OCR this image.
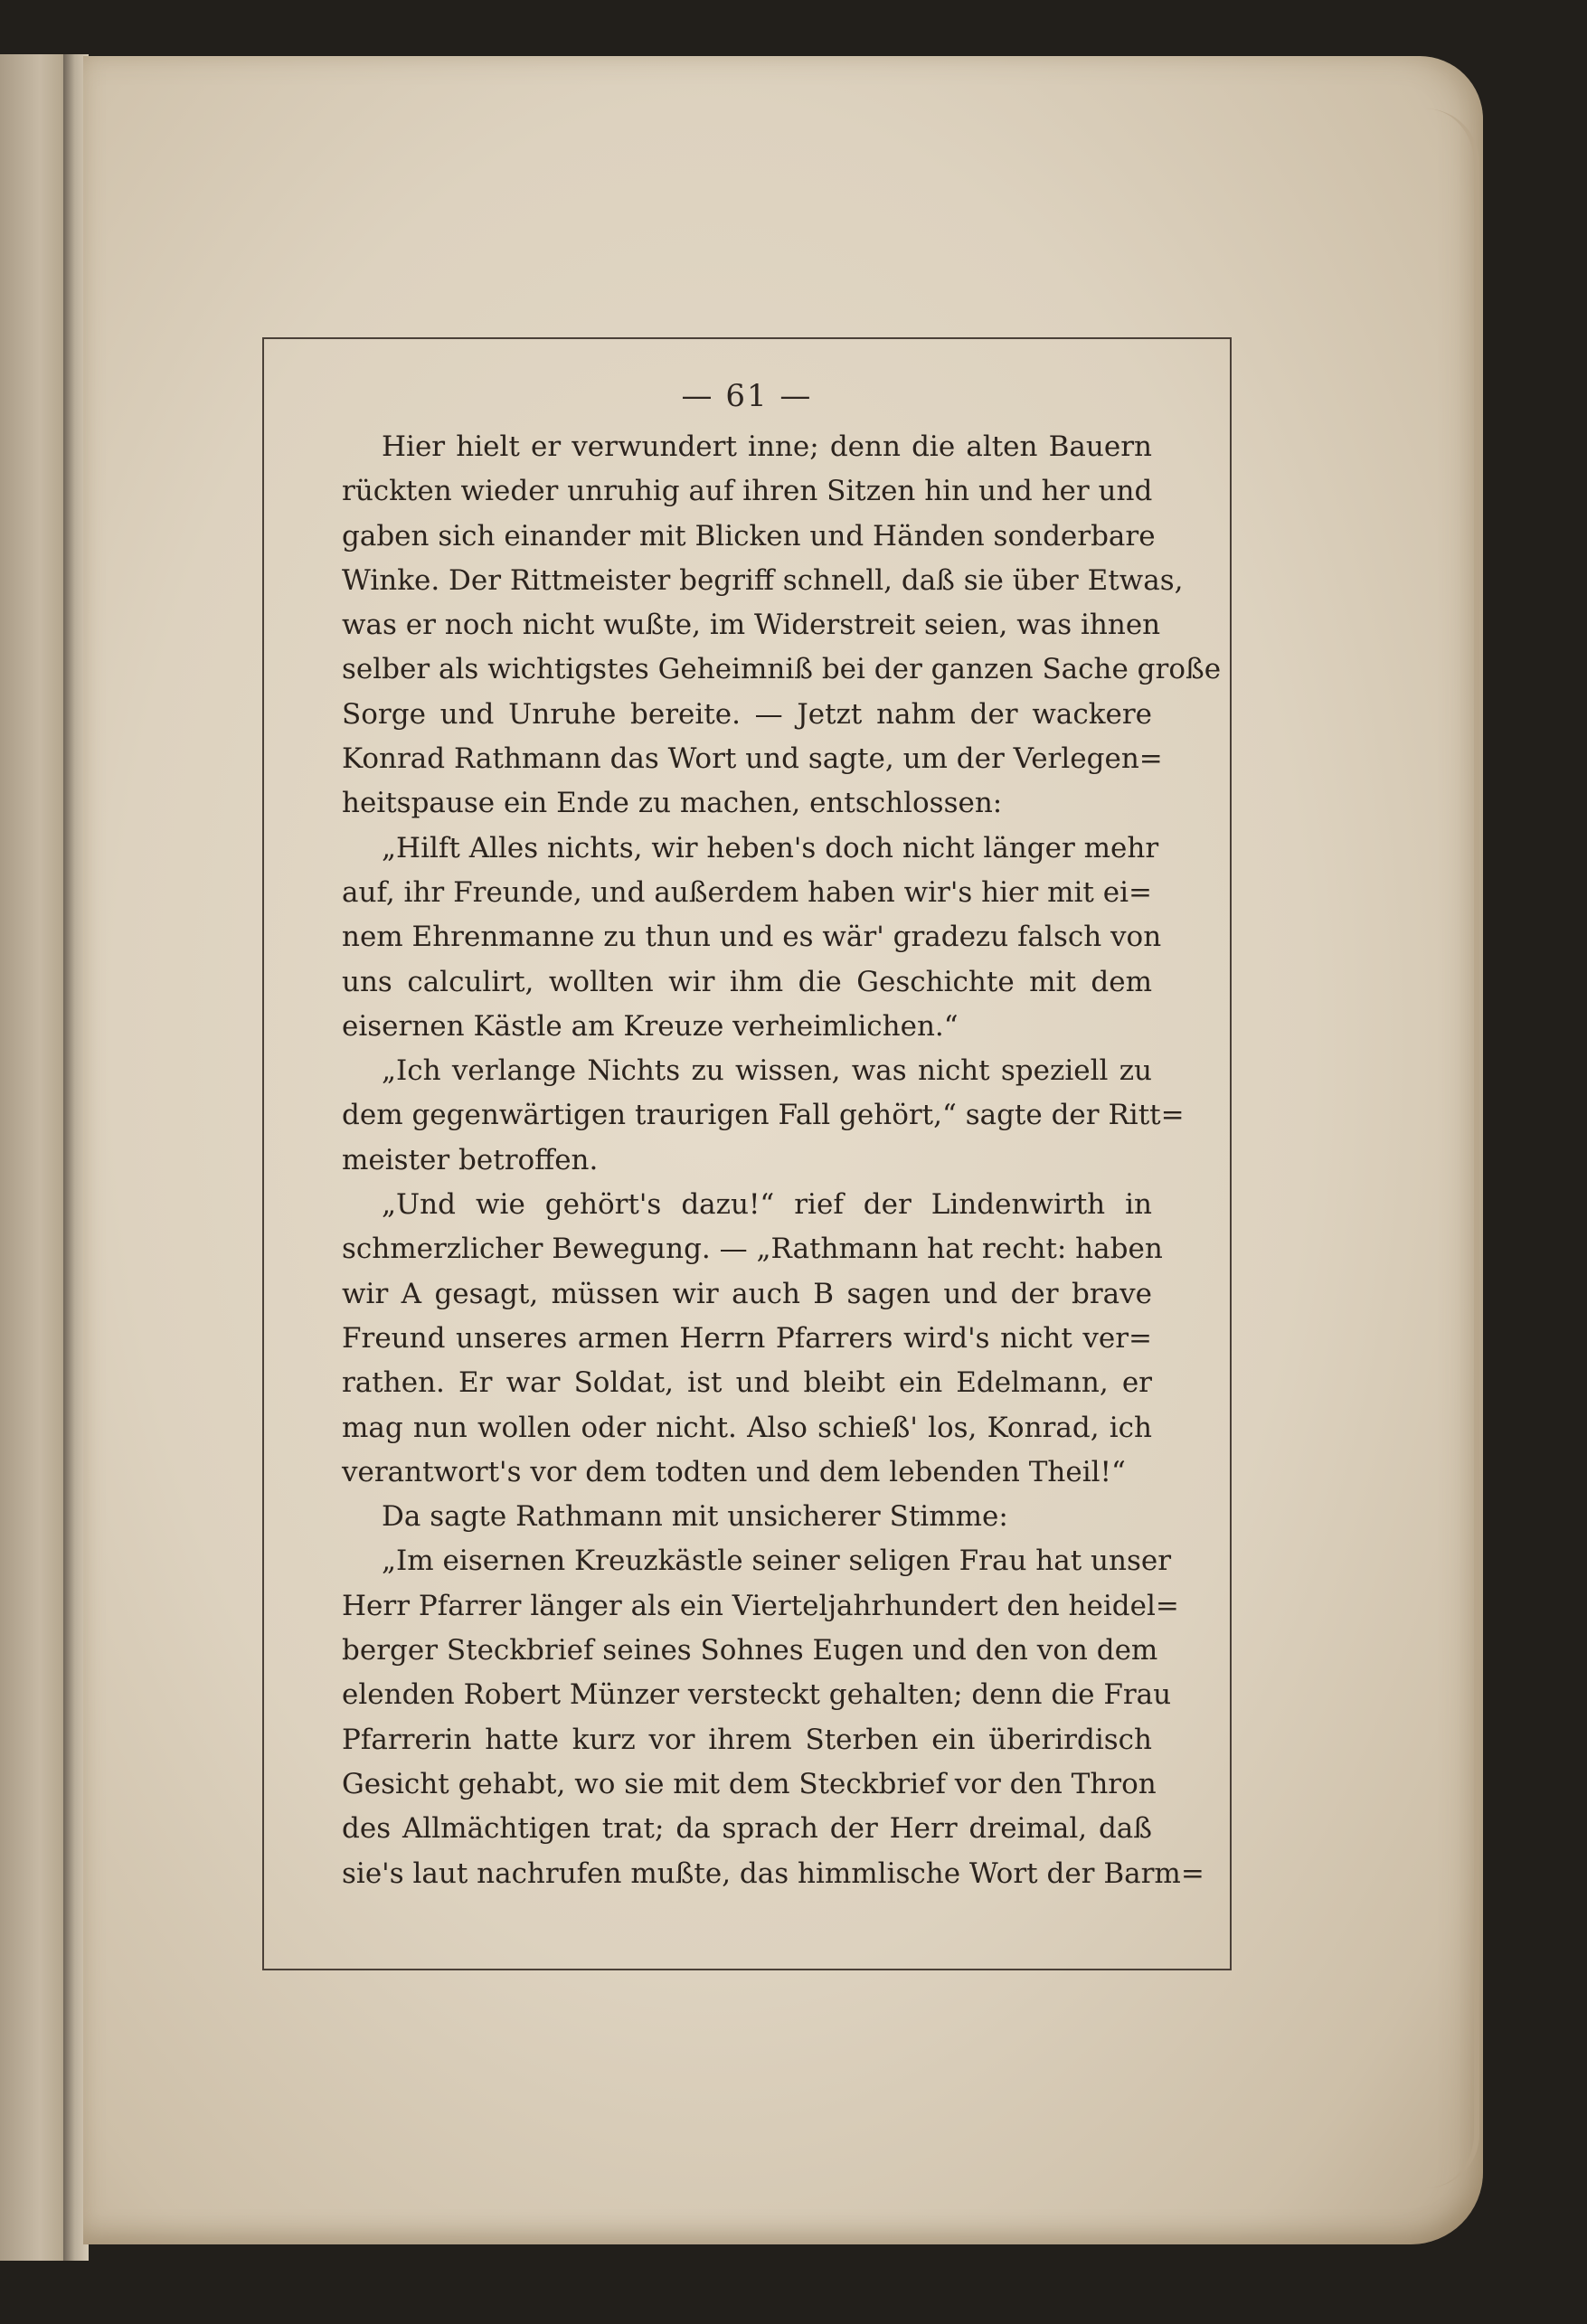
— 61 —
Hier hielt er verwundert inne; denn die alten Bauern
rückten wieder unruhig auf ihren Sitzen hin und her und
gaben sich einander mit Blicken und Händen sonderbare
Winke. Der Rittmeister begriff schnell, daß sie über Etwas,
was er noch nicht wußte, im Widerstreit seien, was ihnen
selber als wichtigstes Geheimniß bei der ganzen Sache große
Sorge und Unruhe bereite. — Jetzt nahm der wackere
Konrad Rathmann das Wort und sagte, um der Verlegen=
heitspause ein Ende zu machen, entschlossen:
„Hilft Alles nichts, wir heben's doch nicht länger mehr
auf, ihr Freunde, und außerdem haben wir's hier mit ei=
nem Ehrenmanne zu thun und es wär' gradezu falsch von
uns calculirt, wollten wir ihm die Geschichte mit dem
eisernen Kästle am Kreuze verheimlichen.“
„Ich verlange Nichts zu wissen, was nicht speziell zu
dem gegenwärtigen traurigen Fall gehört,“ sagte der Ritt=
meister betroffen.
„Und wie gehört's dazu!“ rief der Lindenwirth in
schmerzlicher Bewegung. — „Rathmann hat recht: haben
wir A gesagt, müssen wir auch B sagen und der brave
Freund unseres armen Herrn Pfarrers wird's nicht ver=
rathen. Er war Soldat, ist und bleibt ein Edelmann, er
mag nun wollen oder nicht. Also schieß' los, Konrad, ich
verantwort's vor dem todten und dem lebenden Theil!“
Da sagte Rathmann mit unsicherer Stimme:
„Im eisernen Kreuzkästle seiner seligen Frau hat unser
Herr Pfarrer länger als ein Vierteljahrhundert den heidel=
berger Steckbrief seines Sohnes Eugen und den von dem
elenden Robert Münzer versteckt gehalten; denn die Frau
Pfarrerin hatte kurz vor ihrem Sterben ein überirdisch
Gesicht gehabt, wo sie mit dem Steckbrief vor den Thron
des Allmächtigen trat; da sprach der Herr dreimal, daß
sie's laut nachrufen mußte, das himmlische Wort der Barm=
